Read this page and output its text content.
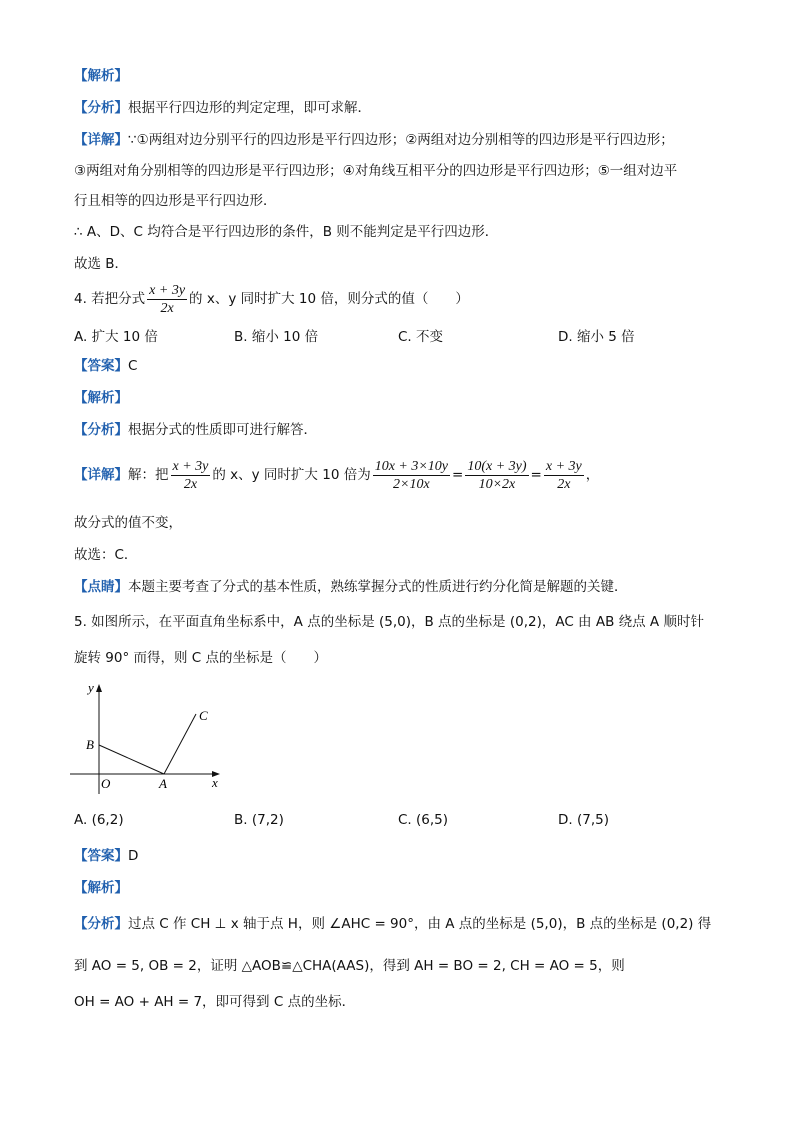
【解析】
【分析】根据平行四边形的判定定理，即可求解．
【详解】∵①两组对边分别平行的四边形是平行四边形；②两组对边分别相等的四边形是平行四边形；
③两组对角分别相等的四边形是平行四边形；④对角线互相平分的四边形是平行四边形；⑤一组对边平
行且相等的四边形是平行四边形．
∴ A、D、C 均符合是平行四边形的条件，B 则不能判定是平行四边形．
故选 B．
4. 若把分式 $\frac{x + 3y}{2x}$ 的 x、y 同时扩大 10 倍，则分式的值（　　）
A. 扩大 10 倍	B. 缩小 10 倍	C. 不变	D. 缩小 5 倍
【答案】C
【解析】
【分析】根据分式的性质即可进行解答．
【详解】解：把 $\frac{x + 3y}{2x}$ 的 x、y 同时扩大 10 倍为 $\frac{10x + 3\times 10y}{2\times 10x} = \frac{10(x + 3y)}{10\times 2x} = \frac{x + 3y}{2x}$ ，
故分式的值不变，
故选：C．
【点睛】本题主要考查了分式的基本性质，熟练掌握分式的性质进行约分化简是解题的关键．
5. 如图所示，在平面直角坐标系中，A 点的坐标是 (5,0)，B 点的坐标是 (0,2)，AC 由 AB 绕点 A 顺时针
旋转 90° 而得，则 C 点的坐标是（　　）
y
x
O	A
B
C
A. (6,2)	B. (7,2)	C. (6,5)	D. (7,5)
【答案】D
【解析】
【分析】过点 C 作 CH ⊥ x 轴于点 H，则 ∠AHC = 90°，由 A 点的坐标是 (5,0)，B 点的坐标是 (0,2) 得
到 AO = 5, OB = 2，证明 △AOB≌△CHA(AAS)，得到 AH = BO = 2, CH = AO = 5，则
OH = AO + AH = 7，即可得到 C 点的坐标．
